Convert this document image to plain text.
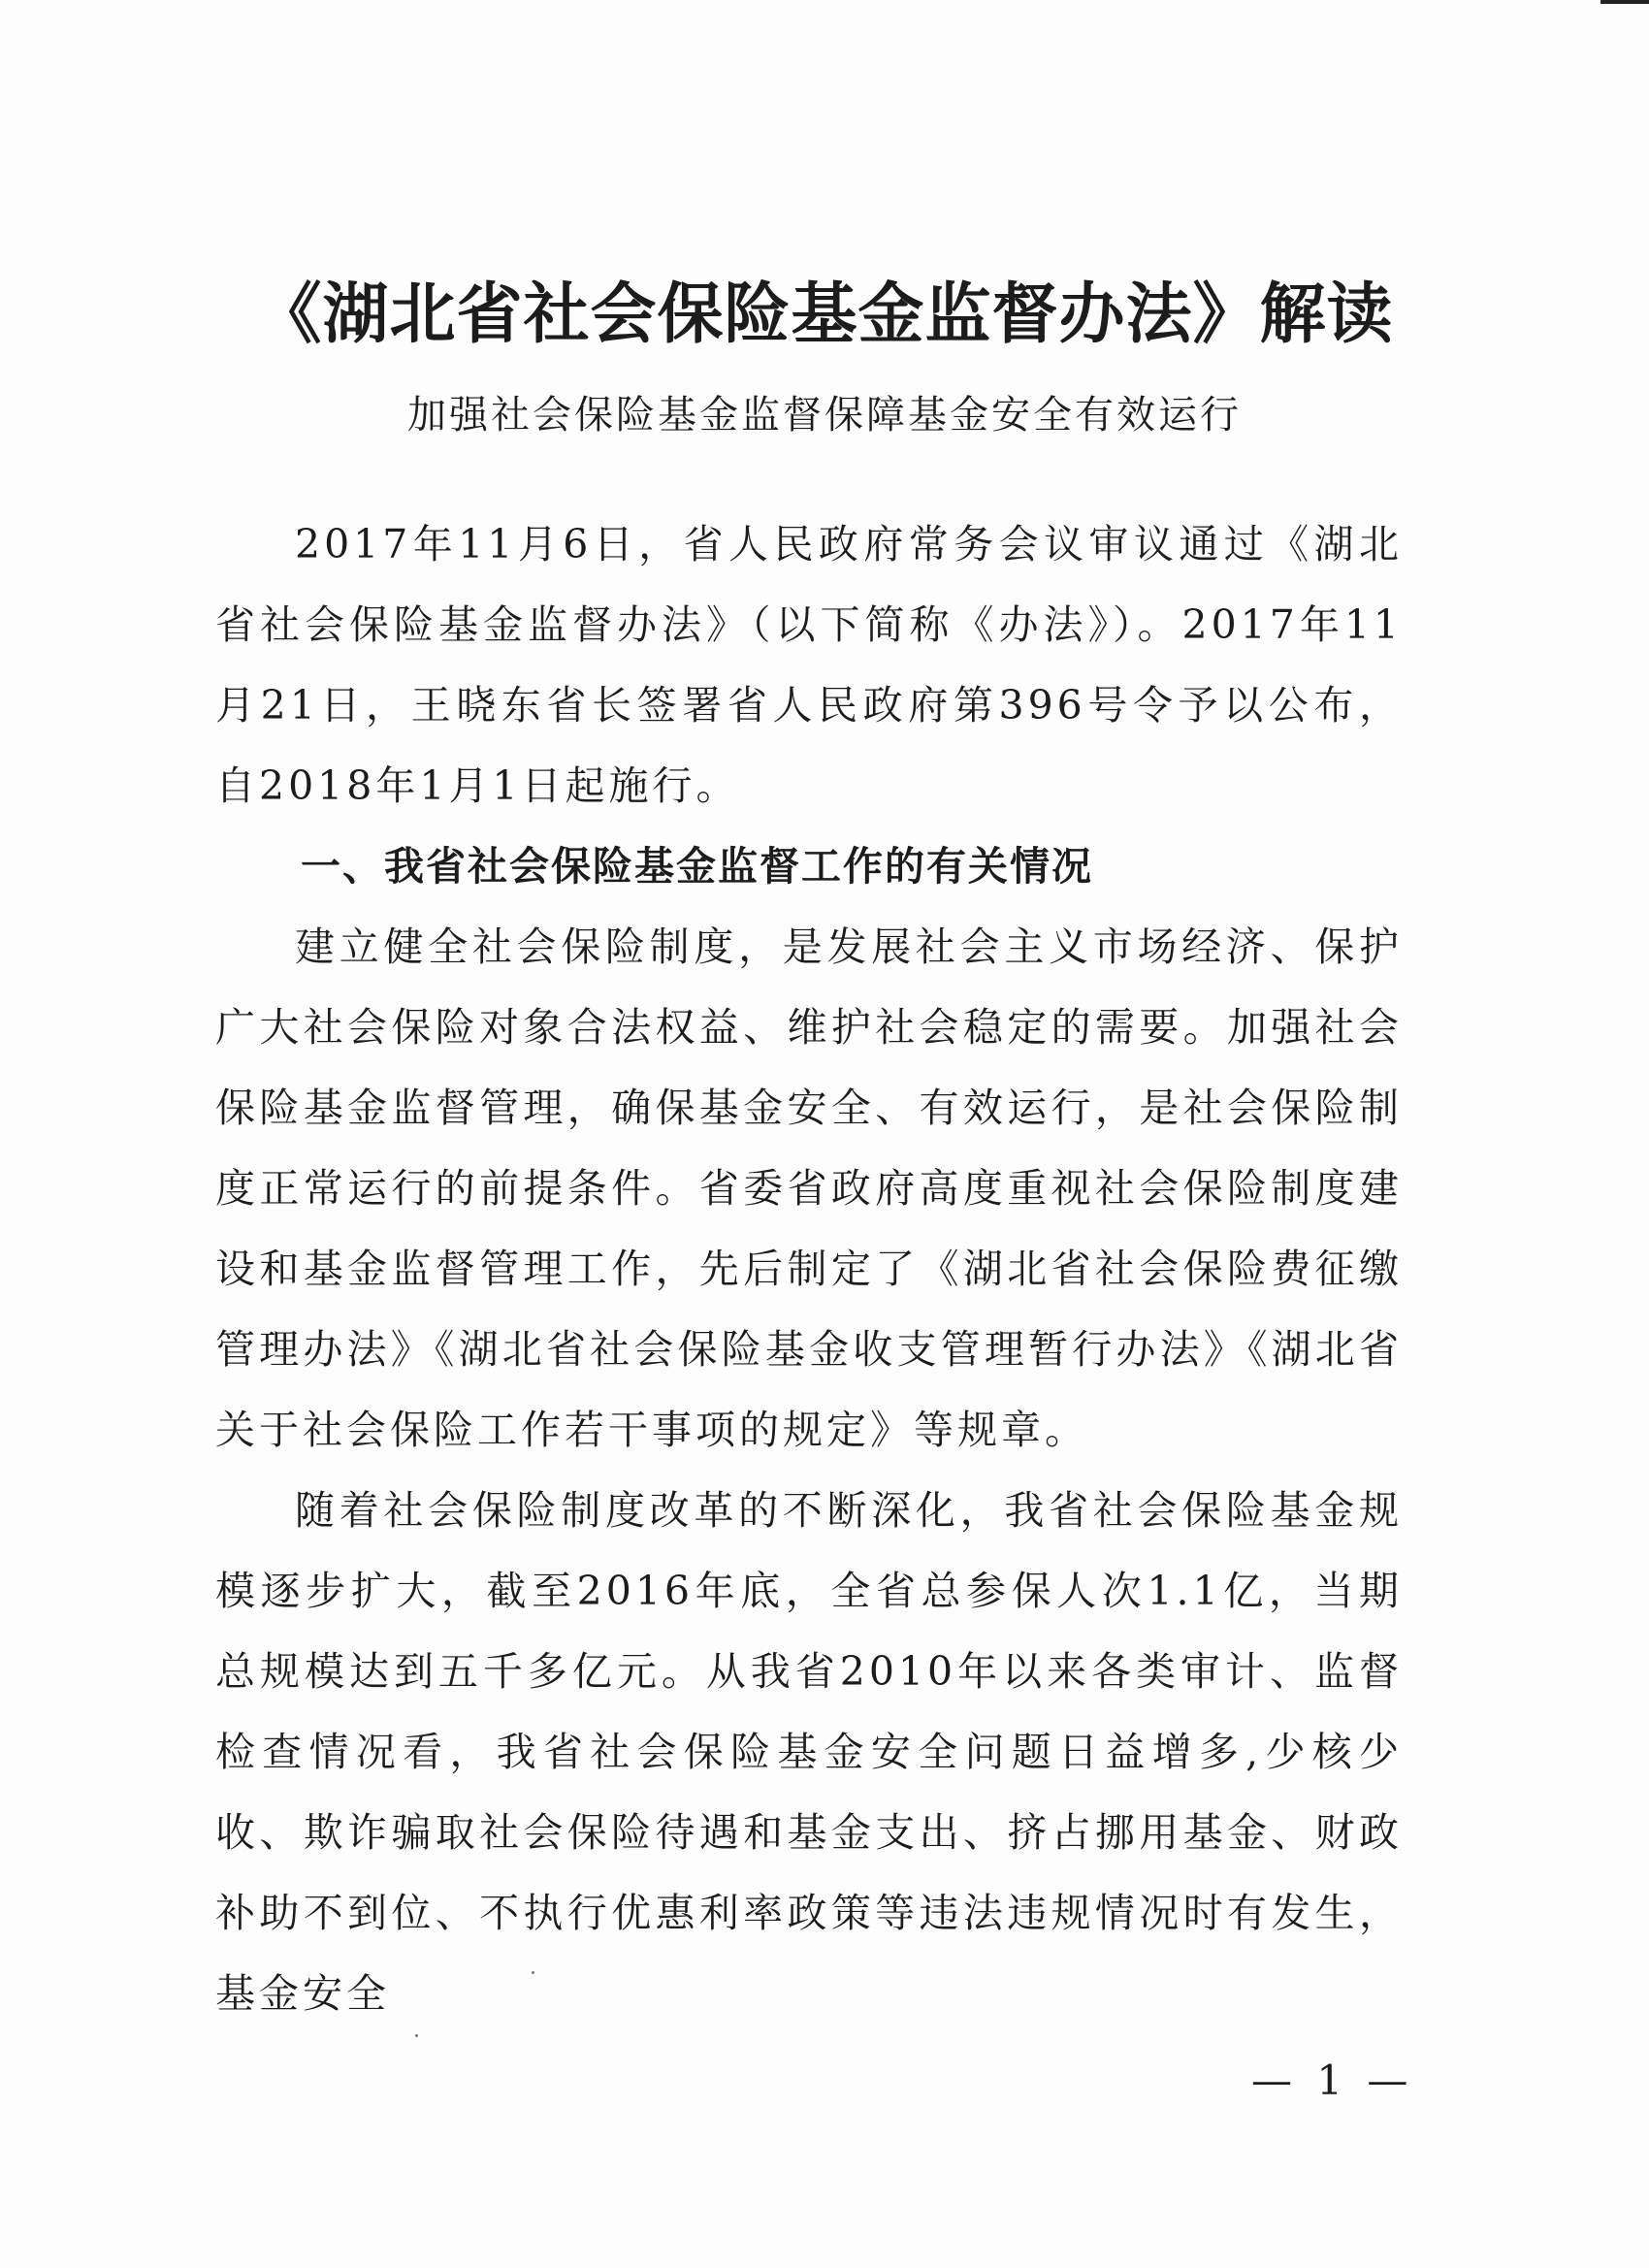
《湖北省社会保险基金监督办法》解读
加强社会保险基金监督保障基金安全有效运行

2017年11月6日，省人民政府常务会议审议通过《湖北省社会保险基金监督办法》（以下简称《办法》）。2017年11月21日，王晓东省长签署省人民政府第396号令予以公布，自2018年1月1日起施行。

一、我省社会保险基金监督工作的有关情况

建立健全社会保险制度，是发展社会主义市场经济、保护广大社会保险对象合法权益、维护社会稳定的需要。加强社会保险基金监督管理，确保基金安全、有效运行，是社会保险制度正常运行的前提条件。省委省政府高度重视社会保险制度建设和基金监督管理工作，先后制定了《湖北省社会保险费征缴管理办法》《湖北省社会保险基金收支管理暂行办法》《湖北省关于社会保险工作若干事项的规定》等规章。

随着社会保险制度改革的不断深化，我省社会保险基金规模逐步扩大，截至2016年底，全省总参保人次1.1亿，当期总规模达到五千多亿元。从我省2010年以来各类审计、监督检查情况看，我省社会保险基金安全问题日益增多,少核少收、欺诈骗取社会保险待遇和基金支出、挤占挪用基金、财政补助不到位、不执行优惠利率政策等违法违规情况时有发生，基金安全

— 1 —
